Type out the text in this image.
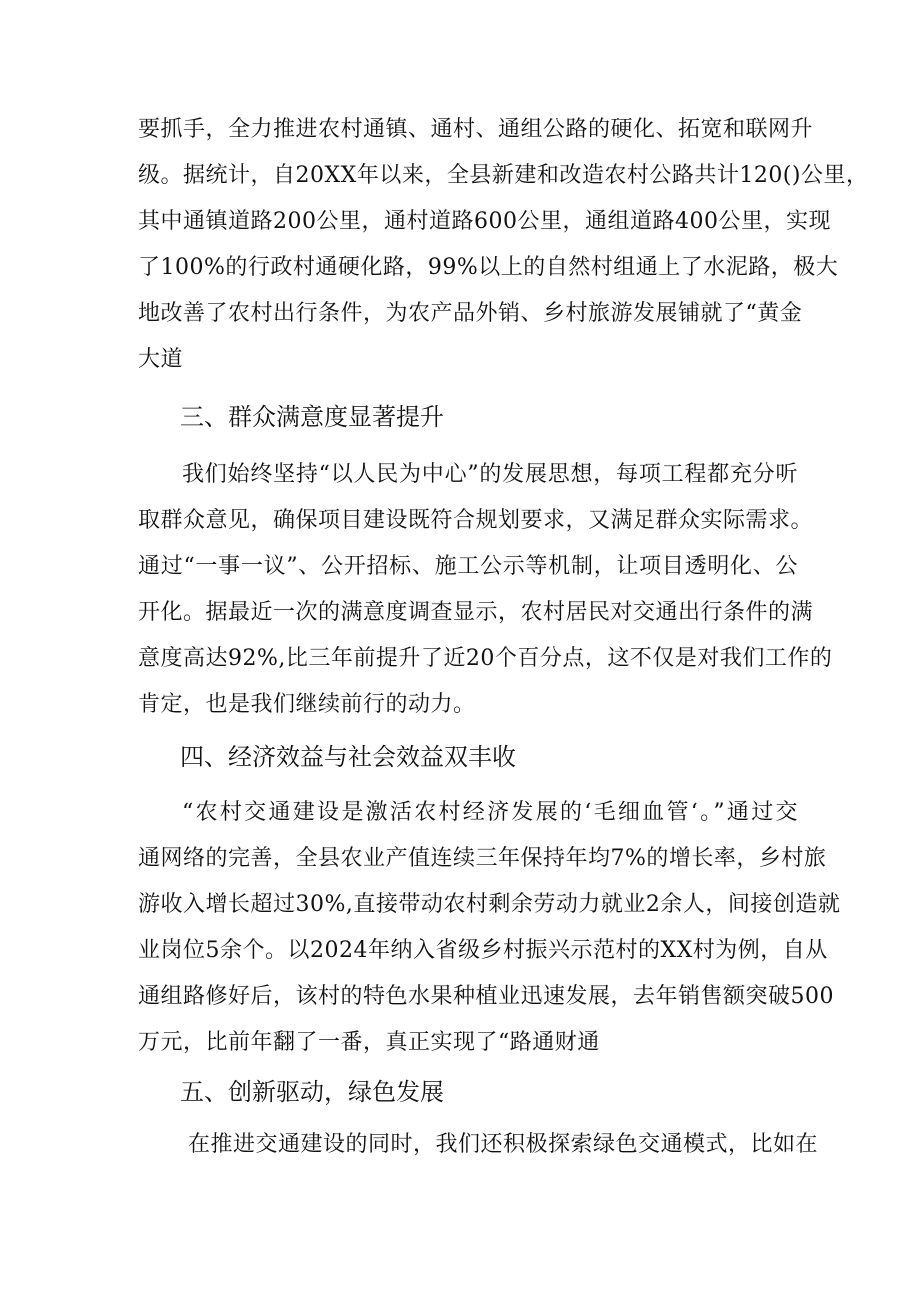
要抓手，全力推进农村通镇、通村、通组公路的硬化、拓宽和联网升
级。据统计，自20XX年以来，全县新建和改造农村公路共计120()公里，
其中通镇道路200公里，通村道路600公里，通组道路400公里，实现
了100%的行政村通硬化路，99%以上的自然村组通上了水泥路，极大
地改善了农村出行条件，为农产品外销、乡村旅游发展铺就了“黄金
大道
三、群众满意度显著提升
我们始终坚持“以人民为中心”的发展思想，每项工程都充分听
取群众意见，确保项目建设既符合规划要求，又满足群众实际需求。
通过“一事一议”、公开招标、施工公示等机制，让项目透明化、公
开化。据最近一次的满意度调查显示，农村居民对交通出行条件的满
意度高达92%,比三年前提升了近20个百分点，这不仅是对我们工作的
肯定，也是我们继续前行的动力。
四、经济效益与社会效益双丰收
“农村交通建设是激活农村经济发展的‘毛细血管‘。”通过交
通网络的完善，全县农业产值连续三年保持年均7%的增长率，乡村旅
游收入增长超过30%,直接带动农村剩余劳动力就业2余人，间接创造就
业岗位5余个。以2024年纳入省级乡村振兴示范村的XX村为例，自从
通组路修好后，该村的特色水果种植业迅速发展，去年销售额突破500
万元，比前年翻了一番，真正实现了“路通财通
五、创新驱动，绿色发展
在推进交通建设的同时，我们还积极探索绿色交通模式，比如在
